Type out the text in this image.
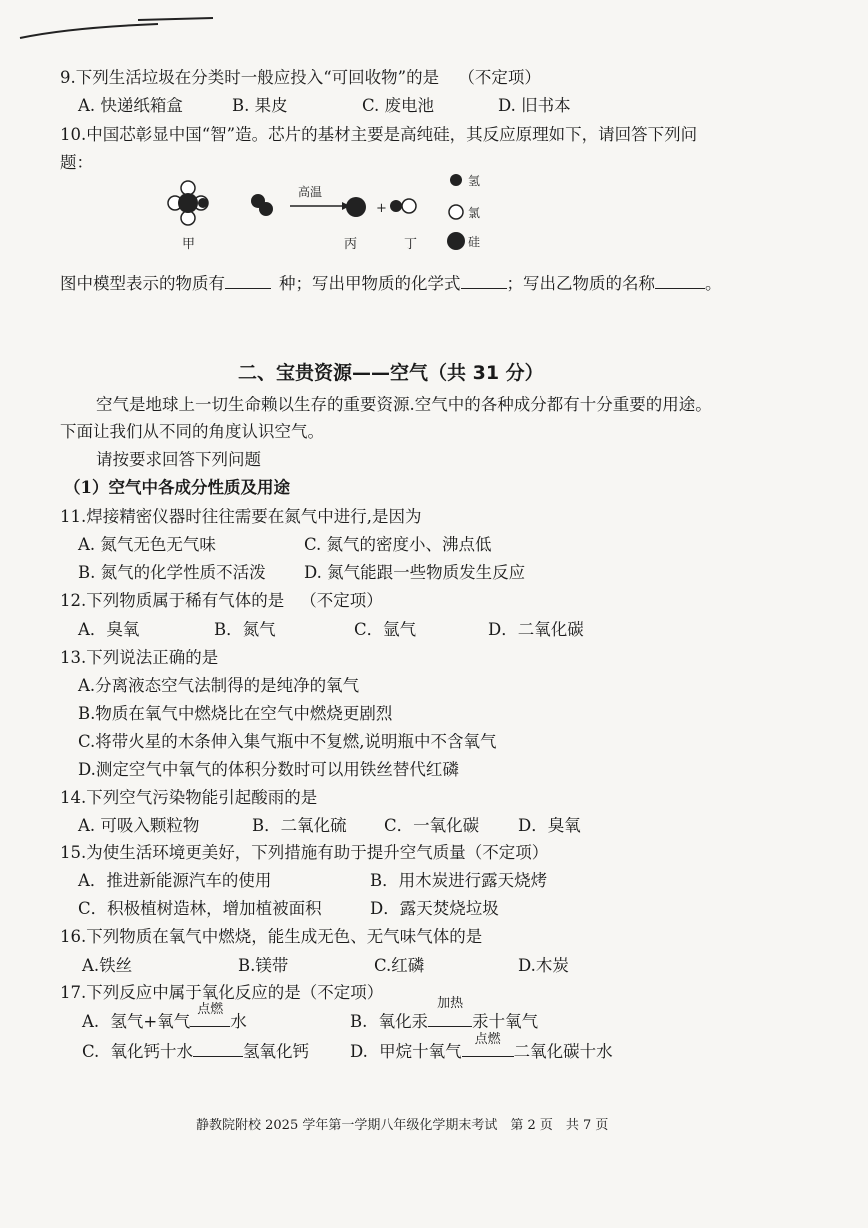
9.下列生活垃圾在分类时一般应投入“可回收物”的是 （不定项）
A. 快递纸箱盒	B. 果皮	C. 废电池	D. 旧书本
10.中国芯彰显中国“智”造。芯片的基材主要是高纯硅，其反应原理如下，请回答下列问
题：
高温
+
甲	丙	丁
氢
氯
硅
图中模型表示的物质有	种；写出甲物质的化学式	；写出乙物质的名称	。
二、宝贵资源——空气（共 31 分）
空气是地球上一切生命赖以生存的重要资源.空气中的各种成分都有十分重要的用途。
下面让我们从不同的角度认识空气。
请按要求回答下列问题
（1）空气中各成分性质及用途
11.焊接精密仪器时往往需要在氮气中进行,是因为
A. 氮气无色无气味	C. 氮气的密度小、沸点低
B. 氮气的化学性质不活泼 D. 氮气能跟一些物质发生反应
12.下列物质属于稀有气体的是 （不定项）
A．臭氧	B．氮气	C．氩气	D．二氧化碳
13.下列说法正确的是
A.分离液态空气法制得的是纯净的氧气
B.物质在氧气中燃烧比在空气中燃烧更剧烈
C.将带火星的木条伸入集气瓶中不复燃,说明瓶中不含氧气
D.测定空气中氧气的体积分数时可以用铁丝替代红磷
14.下列空气污染物能引起酸雨的是
A. 可吸入颗粒物	B．二氧化硫 C．一氧化碳 D．臭氧
15.为使生活环境更美好，下列措施有助于提升空气质量（不定项）
A．推进新能源汽车的使用	B．用木炭进行露天烧烤
C．积极植树造林，增加植被面积	D．露天焚烧垃圾
16.下列物质在氧气中燃烧，能生成无色、无气味气体的是
A.铁丝	B.镁带	C.红磷	D.木炭
17.下列反应中属于氧化反应的是（不定项）
A. 氢气+氧气
点燃
水	B. 氧化汞
加热
汞十氧气
C. 氧化钙十水	氢氧化钙 D. 甲烷十氧气
点燃
二氧化碳十水
静教院附校 2025 学年第一学期八年级化学期末考试　第 2 页　共 7 页
